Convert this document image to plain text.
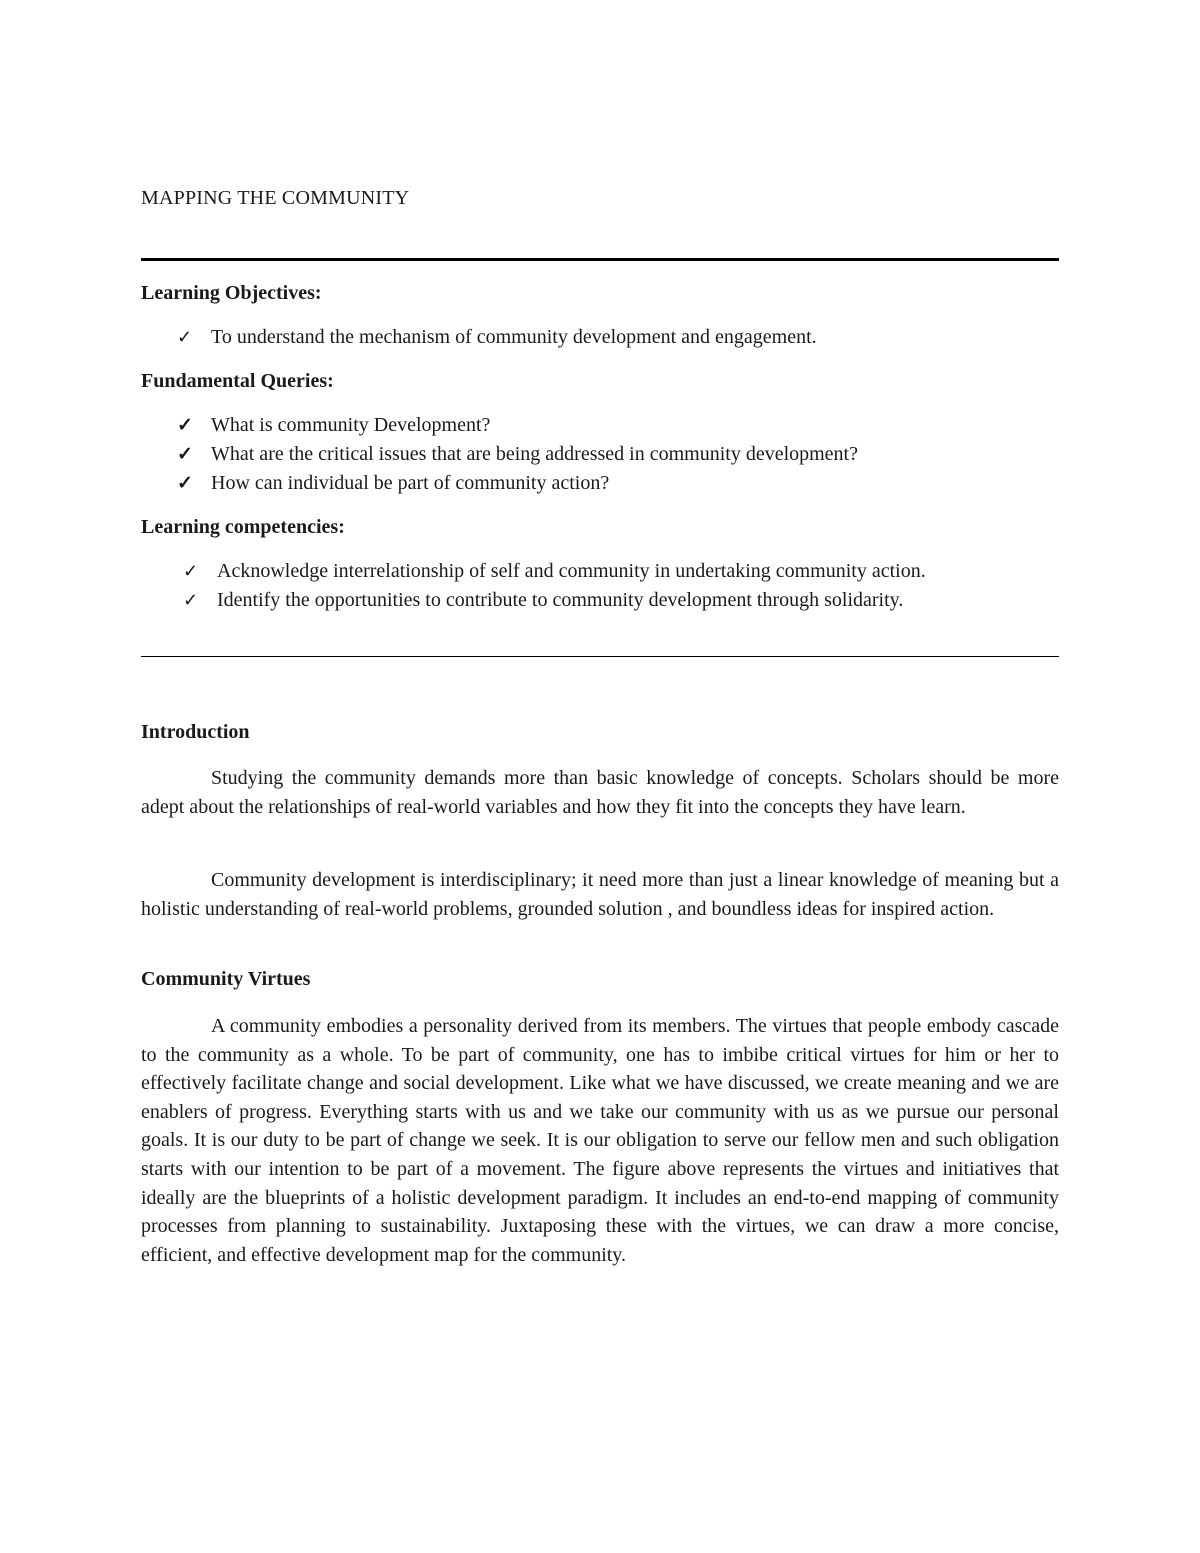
MAPPING THE COMMUNITY
Learning Objectives:
✓ To understand the mechanism of community development and engagement.
Fundamental Queries:
✓ What is community Development?
✓ What are the critical issues that are being addressed in community development?
✓ How can individual be part of community action?
Learning competencies:
✓ Acknowledge interrelationship of self and community in undertaking community action.
✓ Identify the opportunities to contribute to community development through solidarity.
Introduction

Studying the community demands more than basic knowledge of concepts. Scholars should be more adept about the relationships of real-world variables and how they fit into the concepts they have learn.

Community development is interdisciplinary; it need more than just a linear knowledge of meaning but a holistic understanding of real-world problems, grounded solution , and boundless ideas for inspired action.

Community Virtues

A community embodies a personality derived from its members. The virtues that people embody cascade to the community as a whole. To be part of community, one has to imbibe critical virtues for him or her to effectively facilitate change and social development. Like what we have discussed, we create meaning and we are enablers of progress. Everything starts with us and we take our community with us as we pursue our personal goals. It is our duty to be part of change we seek. It is our obligation to serve our fellow men and such obligation starts with our intention to be part of a movement. The figure above represents the virtues and initiatives that ideally are the blueprints of a holistic development paradigm. It includes an end-to-end mapping of community processes from planning to sustainability. Juxtaposing these with the virtues, we can draw a more concise, efficient, and effective development map for the community.
